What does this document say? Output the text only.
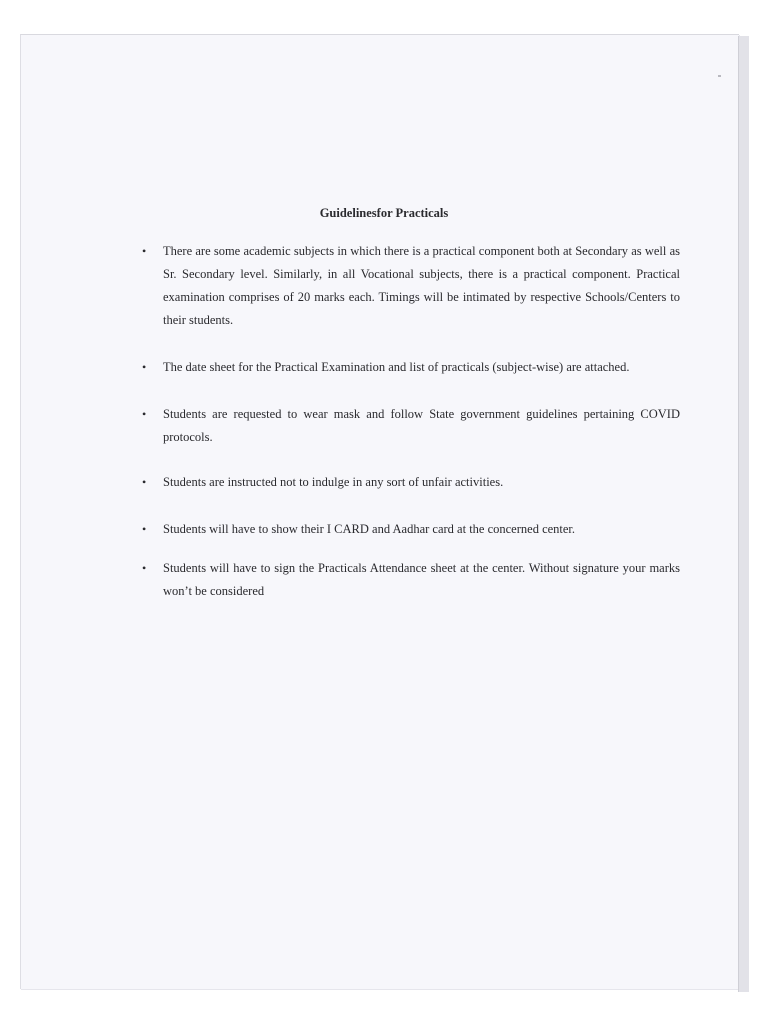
Guidelinesfor Practicals
• There are some academic subjects in which there is a practical component both at Secondary as well as Sr. Secondary level. Similarly, in all Vocational subjects, there is a practical component. Practical examination comprises of 20 marks each. Timings will be intimated by respective Schools/Centers to their students.
• The date sheet for the Practical Examination and list of practicals (subject-wise) are attached.
• Students are requested to wear mask and follow State government guidelines pertaining COVID protocols.
• Students are instructed not to indulge in any sort of unfair activities.
• Students will have to show their I CARD and Aadhar card at the concerned center.
• Students will have to sign the Practicals Attendance sheet at the center. Without signature your marks won’t be considered
